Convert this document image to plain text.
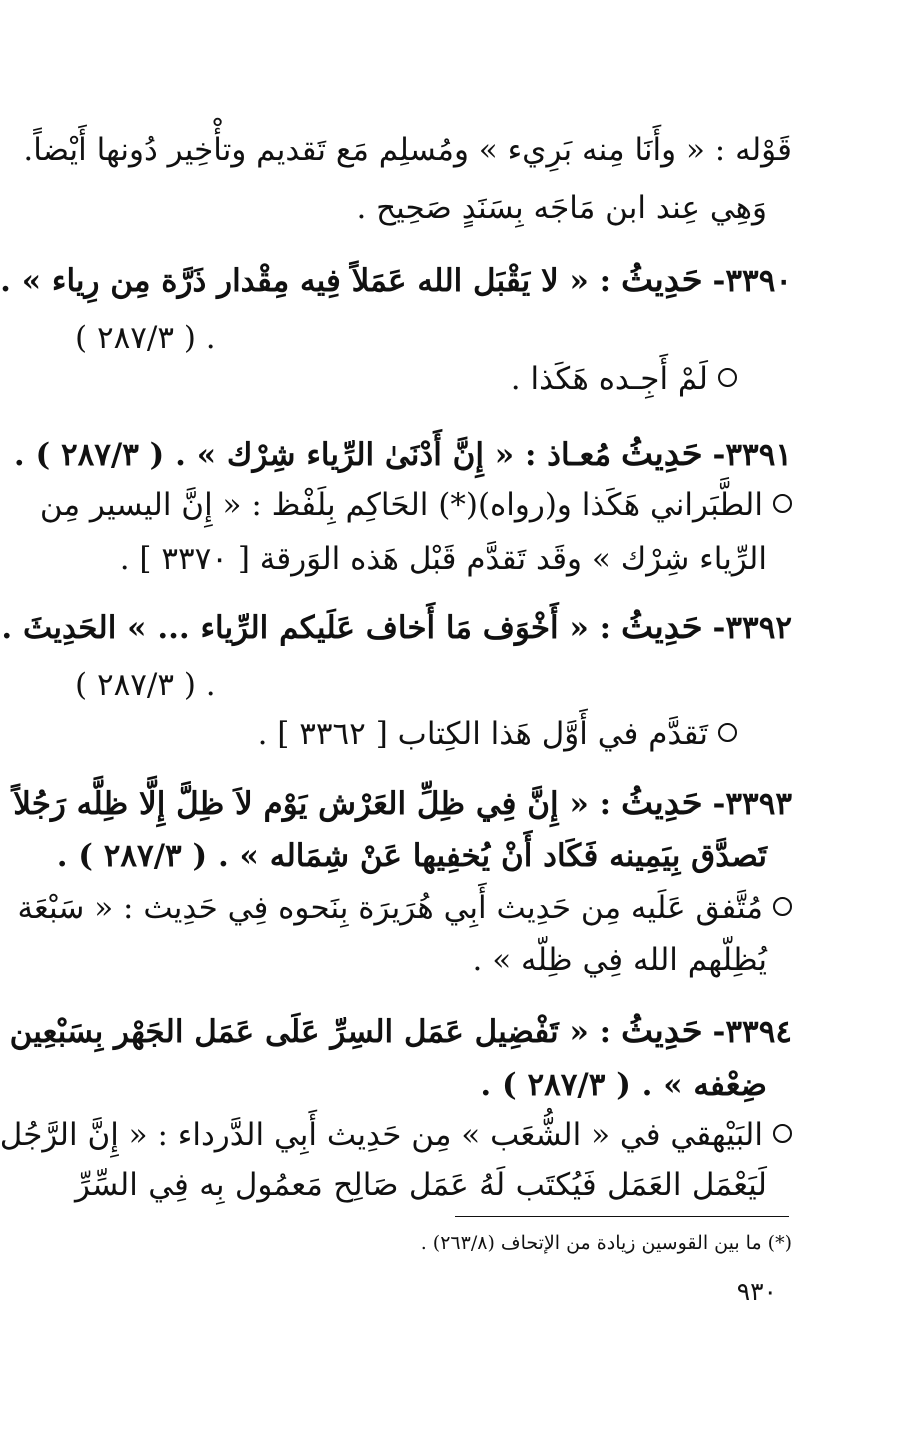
قَوْله : « وأَنَا مِنه بَرِيء » ومُسلِم مَع تَقديم وتأْخِير دُونها أَيْضاً.
وَهِي عِند ابن مَاجَه بِسَنَدٍ صَحِيح .
٣٣٩٠- حَدِيثُ : « لا يَقْبَل الله عَمَلاً فِيه مِقْدار ذَرَّة مِن رِياء » .
. ( ٢٨٧/٣ )
لَمْ أَجِـده هَكَذا .
٣٣٩١- حَدِيثُ مُعـاذ : « إِنَّ أَدْنَىٰ الرِّياء شِرْك » . ( ٢٨٧/٣ ) .
الطَّبَراني هَكَذا و(رواه)(*) الحَاكِم بِلَفْظ : « إِنَّ اليسير مِن
الرِّياء شِرْك » وقَد تَقدَّم قَبْل هَذه الوَرقة [ ٣٣٧٠ ] .
٣٣٩٢- حَدِيثُ : « أَخْوَف مَا أَخاف عَلَيكم الرِّياء ... » الحَدِيثَ .
. ( ٢٨٧/٣ )
تَقدَّم في أَوَّل هَذا الكِتاب [ ٣٣٦٢ ] .
٣٣٩٣- حَدِيثُ : « إِنَّ فِي ظِلِّ العَرْش يَوْم لاَ ظِلَّ إِلَّا ظِلَّه رَجُلاً
تَصدَّق بِيَمِينه فَكَاد أَنْ يُخفِيها عَنْ شِمَاله » . ( ٢٨٧/٣ ) .
مُتَّفق عَلَيه مِن حَدِيث أَبِي هُرَيرَة بِنَحوه فِي حَدِيث : « سَبْعَة
يُظِلّهم الله فِي ظِلّه » .
٣٣٩٤- حَدِيثُ : « تَفْضِيل عَمَل السِرِّ عَلَى عَمَل الجَهْر بِسَبْعِين
ضِعْفه » . ( ٢٨٧/٣ ) .
البَيْهقي في « الشُّعَب » مِن حَدِيث أَبِي الدَّرداء : « إِنَّ الرَّجُل
لَيَعْمَل العَمَل فَيُكتَب لَهُ عَمَل صَالِح مَعمُول بِه فِي السِّرِّ
(*) ما بين القوسين زيادة من الإتحاف (٢٦٣/٨) .
٩٣٠
